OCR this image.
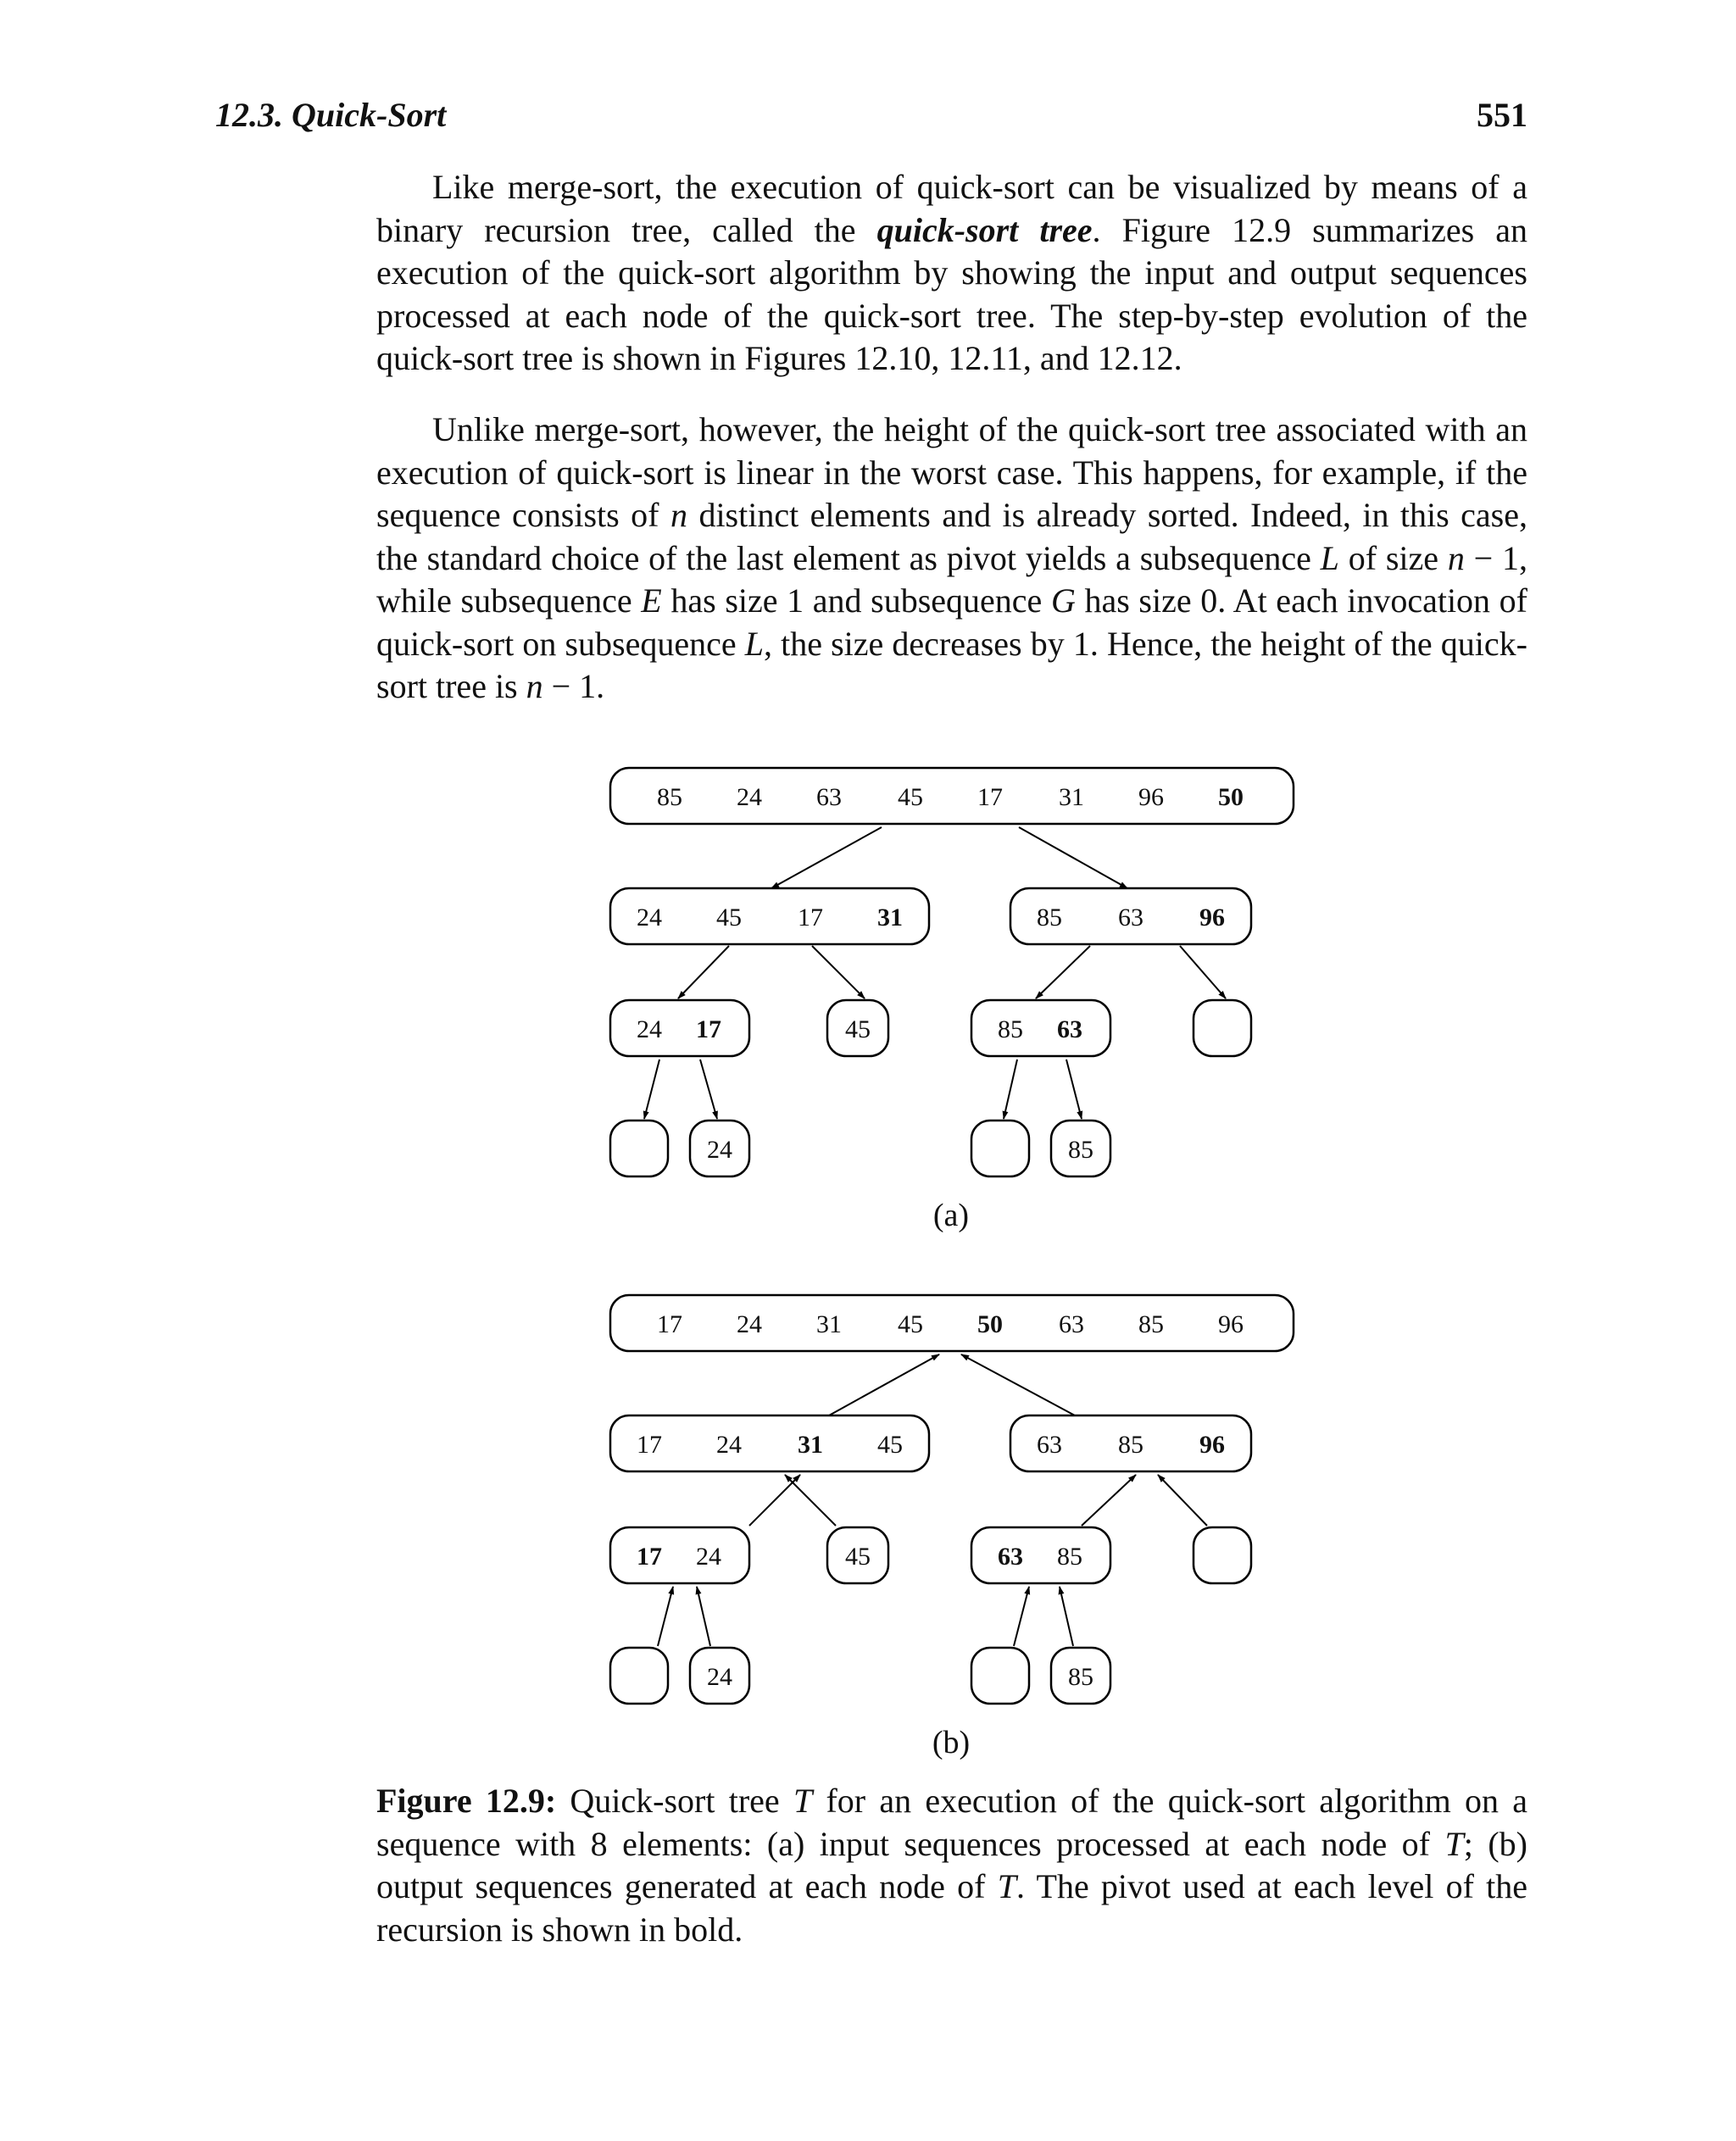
12.3. Quick-Sort	551

Like merge-sort, the execution of quick-sort can be visualized by means of a binary recursion tree, called the quick-sort tree. Figure 12.9 summarizes an execution of the quick-sort algorithm by showing the input and output sequences processed at each node of the quick-sort tree. The step-by-step evolution of the quick-sort tree is shown in Figures 12.10, 12.11, and 12.12.

Unlike merge-sort, however, the height of the quick-sort tree associated with an execution of quick-sort is linear in the worst case. This happens, for example, if the sequence consists of n distinct elements and is already sorted. Indeed, in this case, the standard choice of the last element as pivot yields a subsequence L of size n − 1, while subsequence E has size 1 and subsequence G has size 0. At each invocation of quick-sort on subsequence L, the size decreases by 1. Hence, the height of the quick-sort tree is n − 1.

85 24 63 45 17 31 96 50
24 45 17 31	85 63 96
24 17	45	85 63
24	85
(a)
17 24 31 45 50 63 85 96
17 24 31 45	63 85 96
17 24	45	63 85
24	85
(b)
Figure 12.9: Quick-sort tree T for an execution of the quick-sort algorithm on a sequence with 8 elements: (a) input sequences processed at each node of T; (b) output sequences generated at each node of T. The pivot used at each level of the recursion is shown in bold.
